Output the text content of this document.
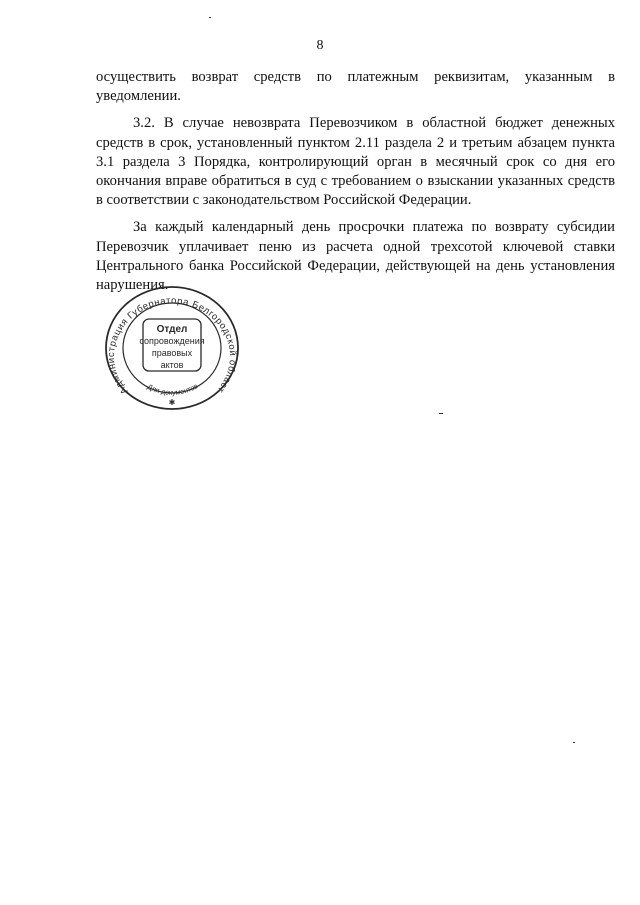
8

осуществить возврат средств по платежным реквизитам, указанным в уведомлении.

3.2. В случае невозврата Перевозчиком в областной бюджет денежных средств в срок, установленный пунктом 2.11 раздела 2 и третьим абзацем пункта 3.1 раздела 3 Порядка, контролирующий орган в месячный срок со дня его окончания вправе обратиться в суд с требованием о взыскании указанных средств в соответствии с законодательством Российской Федерации.

За каждый календарный день просрочки платежа по возврату субсидии Перевозчик уплачивает пеню из расчета одной трехсотой ключевой ставки Центрального банка Российской Федерации, действующей на день установления нарушения.

Администрация Губернатора Белгородской област
Для документов
✱
Отдел
сопровождения
правовых
актов
